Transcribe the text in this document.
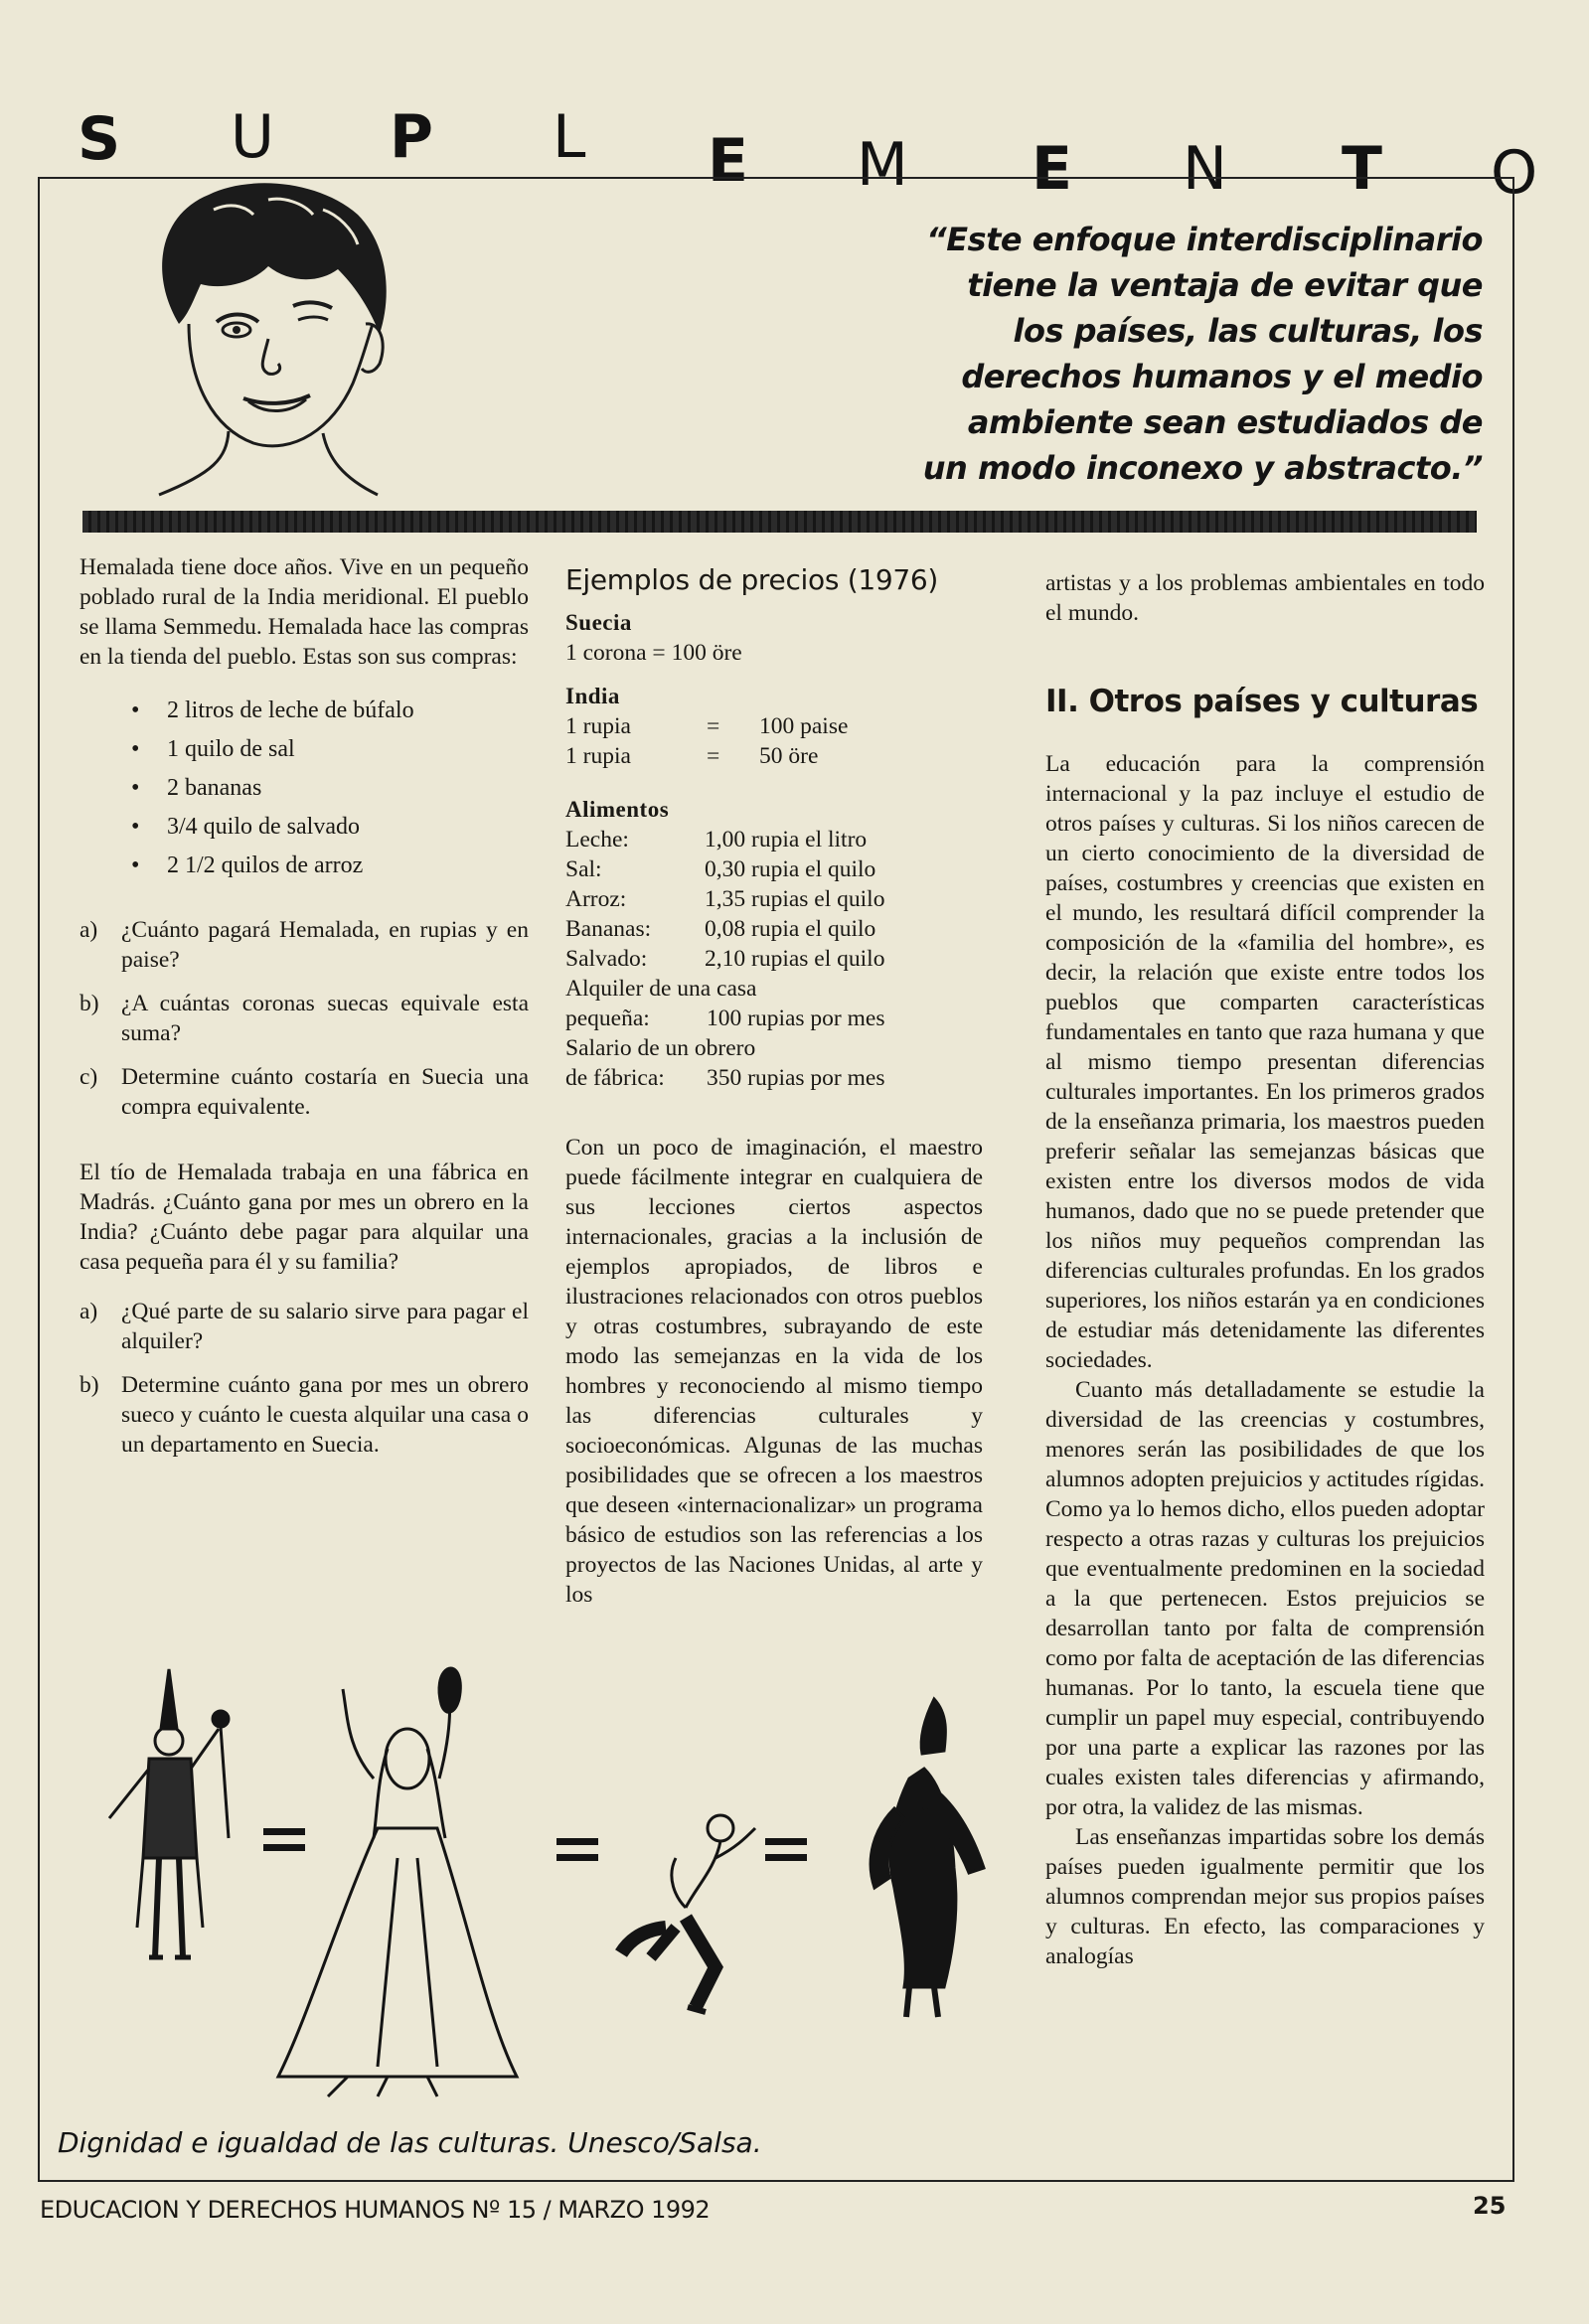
S U P L E M E N T O
“Este enfoque interdisciplinario
tiene la ventaja de evitar que
los países, las culturas, los
derechos humanos y el medio
ambiente sean estudiados de
un modo inconexo y abstracto.”

Hemalada tiene doce años. Vive en un pequeño poblado rural de la India meridional. El pueblo se llama Semmedu. Hemalada hace las compras en la tienda del pueblo. Estas son sus compras:

• 2 litros de leche de búfalo
• 1 quilo de sal
• 2 bananas
• 3/4 quilo de salvado
• 2 1/2 quilos de arroz

a) ¿Cuánto pagará Hemalada, en rupias y en paise?

b) ¿A cuántas coronas suecas equivale esta suma?

c) Determine cuánto costaría en Suecia una compra equivalente.

El tío de Hemalada trabaja en una fábrica en Madrás. ¿Cuánto gana por mes un obrero en la India? ¿Cuánto debe pagar para alquilar una casa pequeña para él y su familia?

a) ¿Qué parte de su salario sirve para pagar el alquiler?

b) Determine cuánto gana por mes un obrero sueco y cuánto le cuesta alquilar una casa o un departamento en Suecia.

Ejemplos de precios (1976)

Suecia

1 corona = 100 öre

India

1 rupia	= 100 paise
1 rupia	= 50 öre

Alimentos

Leche:	1,00 rupia el litro
Sal:	0,30 rupia el quilo
Arroz:	1,35 rupias el quilo
Bananas: 0,08 rupia el quilo
Salvado: 2,10 rupias el quilo

Alquiler de una casa

pequeña: 100 rupias por mes

Salario de un obrero

de fábrica: 350 rupias por mes

Con un poco de imaginación, el maestro puede fácilmente integrar en cualquiera de sus lecciones ciertos aspectos internacionales, gracias a la inclusión de ejemplos apropiados, de libros e ilustraciones relacionados con otros pueblos y otras costumbres, subrayando de este modo las semejanzas en la vida de los hombres y reconociendo al mismo tiempo las diferencias culturales y socioeconómicas. Algunas de las muchas posibilidades que se ofrecen a los maestros que deseen «internacionalizar» un programa básico de estudios son las referencias a los proyectos de las Naciones Unidas, al arte y los

artistas y a los problemas ambientales en todo el mundo.

II. Otros países y culturas

La educación para la comprensión internacional y la paz incluye el estudio de otros países y culturas. Si los niños carecen de un cierto conocimiento de la diversidad de países, costumbres y creencias que existen en el mundo, les resultará difícil comprender la composición de la «familia del hombre», es decir, la relación que existe entre todos los pueblos que comparten características fundamentales en tanto que raza humana y que al mismo tiempo presentan diferencias culturales importantes. En los primeros grados de la enseñanza primaria, los maestros pueden preferir señalar las semejanzas básicas que existen entre los diversos modos de vida humanos, dado que no se puede pretender que los niños muy pequeños comprendan las diferencias culturales profundas. En los grados superiores, los niños estarán ya en condiciones de estudiar más detenidamente las diferentes sociedades.

Cuanto más detalladamente se estudie la diversidad de las creencias y costumbres, menores serán las posibilidades de que los alumnos adopten prejuicios y actitudes rígidas. Como ya lo hemos dicho, ellos pueden adoptar respecto a otras razas y culturas los prejuicios que eventualmente predominen en la sociedad a la que pertenecen. Estos prejuicios se desarrollan tanto por falta de comprensión como por falta de aceptación de las diferencias humanas. Por lo tanto, la escuela tiene que cumplir un papel muy especial, contribuyendo por una parte a explicar las razones por las cuales existen tales diferencias y afirmando, por otra, la validez de las mismas.

Las enseñanzas impartidas sobre los demás países pueden igualmente permitir que los alumnos comprendan mejor sus propios países y culturas. En efecto, las comparaciones y analogías

Dignidad e igualdad de las culturas. Unesco/Salsa.
EDUCACION Y DERECHOS HUMANOS Nº 15 / MARZO 1992	25
